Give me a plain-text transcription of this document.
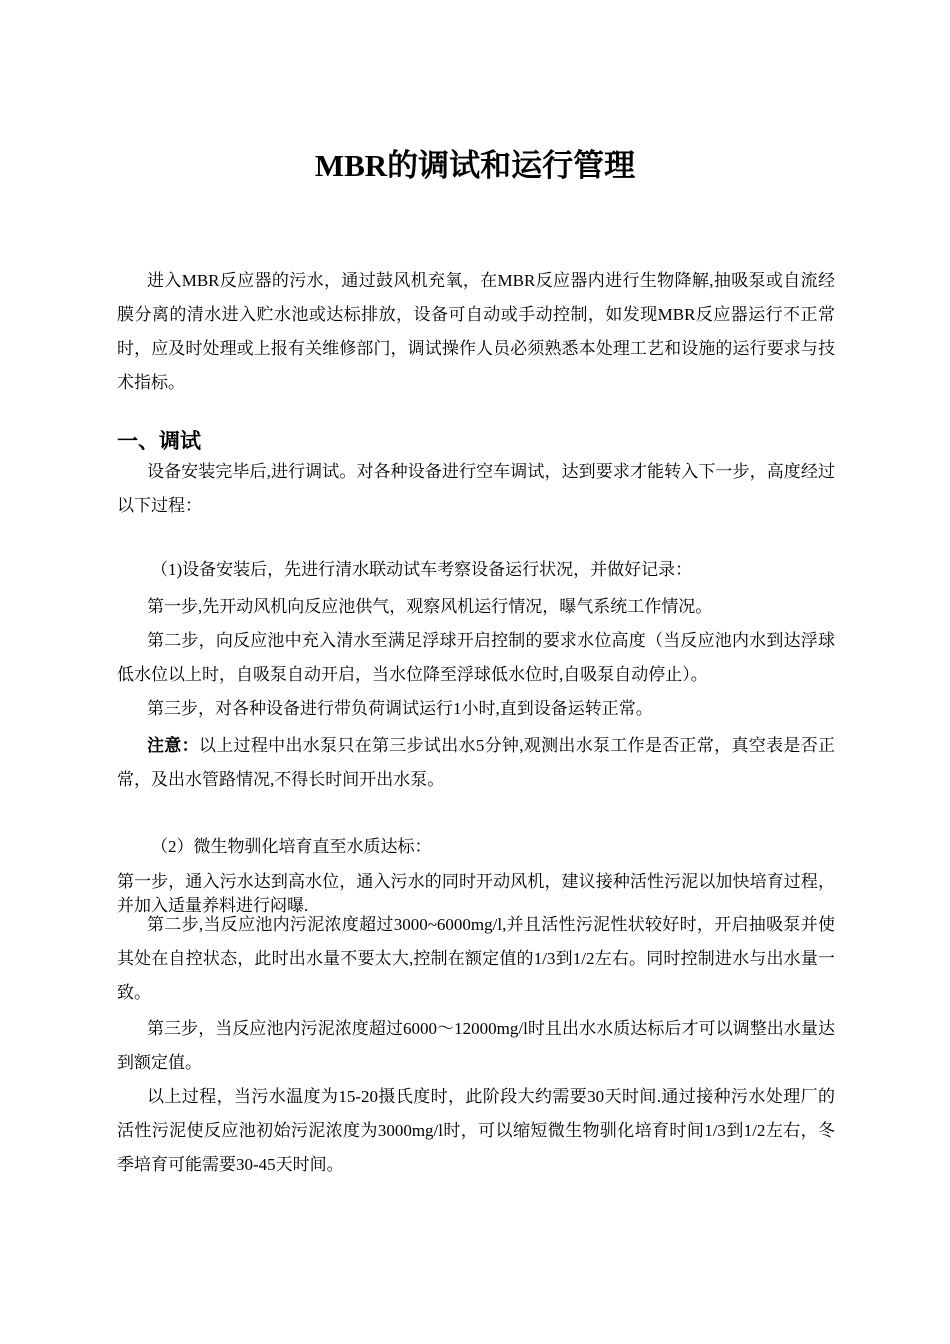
MBR的调试和运行管理

进入MBR反应器的污水，通过鼓风机充氧，在MBR反应器内进行生物降解,抽吸泵或自流经膜分离的清水进入贮水池或达标排放，设备可自动或手动控制，如发现MBR反应器运行不正常时，应及时处理或上报有关维修部门，调试操作人员必须熟悉本处理工艺和设施的运行要求与技术指标。

一、调试

设备安装完毕后,进行调试。对各种设备进行空车调试，达到要求才能转入下一步，高度经过以下过程：

（1)设备安装后，先进行清水联动试车考察设备运行状况，并做好记录：

第一步,先开动风机向反应池供气，观察风机运行情况，曝气系统工作情况。

第二步，向反应池中充入清水至满足浮球开启控制的要求水位高度（当反应池内水到达浮球低水位以上时，自吸泵自动开启，当水位降至浮球低水位时,自吸泵自动停止）。

第三步，对各种设备进行带负荷调试运行1小时,直到设备运转正常。

注意：以上过程中出水泵只在第三步试出水5分钟,观测出水泵工作是否正常，真空表是否正常，及出水管路情况,不得长时间开出水泵。

（2）微生物驯化培育直至水质达标：

第一步，通入污水达到高水位，通入污水的同时开动风机，建议接种活性污泥以加快培育过程，并加入适量养料进行闷曝.

第二步,当反应池内污泥浓度超过3000~6000mg/l,并且活性污泥性状较好时，开启抽吸泵并使其处在自控状态，此时出水量不要太大,控制在额定值的1/3到1/2左右。同时控制进水与出水量一致。

第三步，当反应池内污泥浓度超过6000～12000mg/l时且出水水质达标后才可以调整出水量达到额定值。

以上过程，当污水温度为15-20摄氏度时，此阶段大约需要30天时间.通过接种污水处理厂的活性污泥使反应池初始污泥浓度为3000mg/l时，可以缩短微生物驯化培育时间1/3到1/2左右，冬季培育可能需要30-45天时间。
